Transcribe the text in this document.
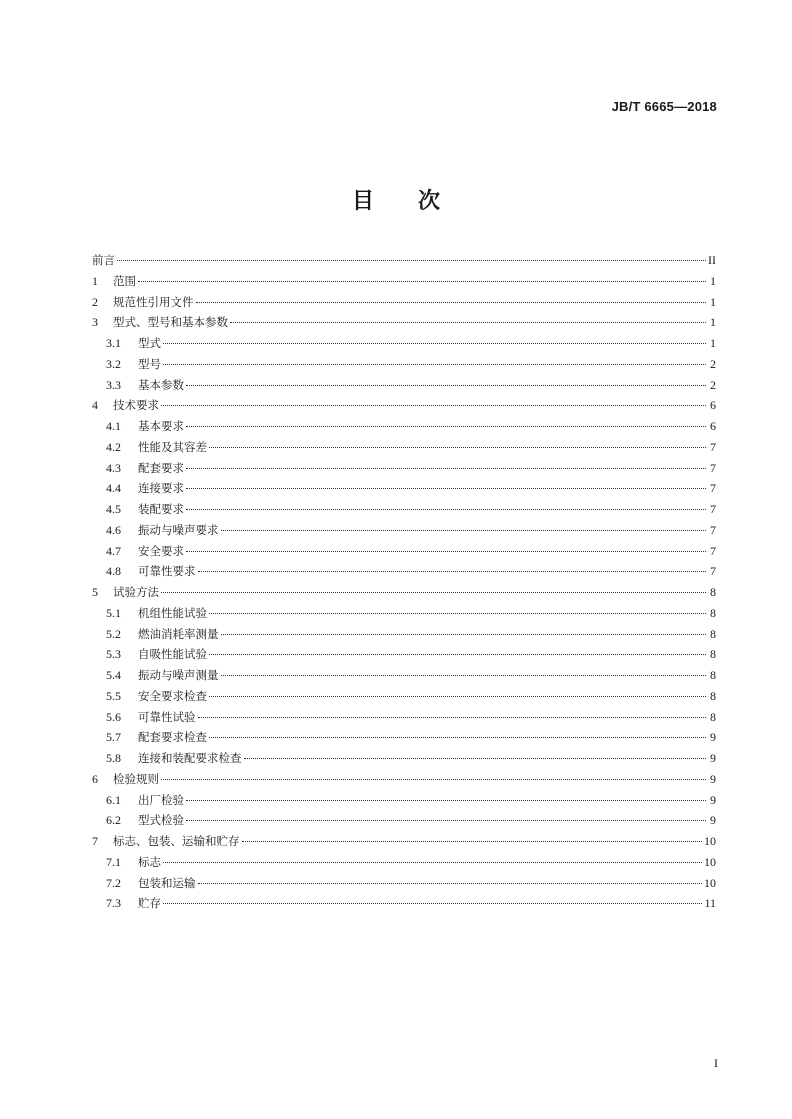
JB/T 6665—2018
目 次
前言	II
1	范围	1
2	规范性引用文件	1
3	型式、型号和基本参数	1
3.1	型式	1
3.2	型号	2
3.3	基本参数	2
4	技术要求	6
4.1	基本要求	6
4.2	性能及其容差	7
4.3	配套要求	7
4.4	连接要求	7
4.5	装配要求	7
4.6	振动与噪声要求	7
4.7	安全要求	7
4.8	可靠性要求	7
5	试验方法	8
5.1	机组性能试验	8
5.2	燃油消耗率测量	8
5.3	自吸性能试验	8
5.4	振动与噪声测量	8
5.5	安全要求检查	8
5.6	可靠性试验	8
5.7	配套要求检查	9
5.8	连接和装配要求检查	9
6	检验规则	9
6.1	出厂检验	9
6.2	型式检验	9
7	标志、包装、运输和贮存	10
7.1	标志	10
7.2	包装和运输	10
7.3	贮存	11
I
